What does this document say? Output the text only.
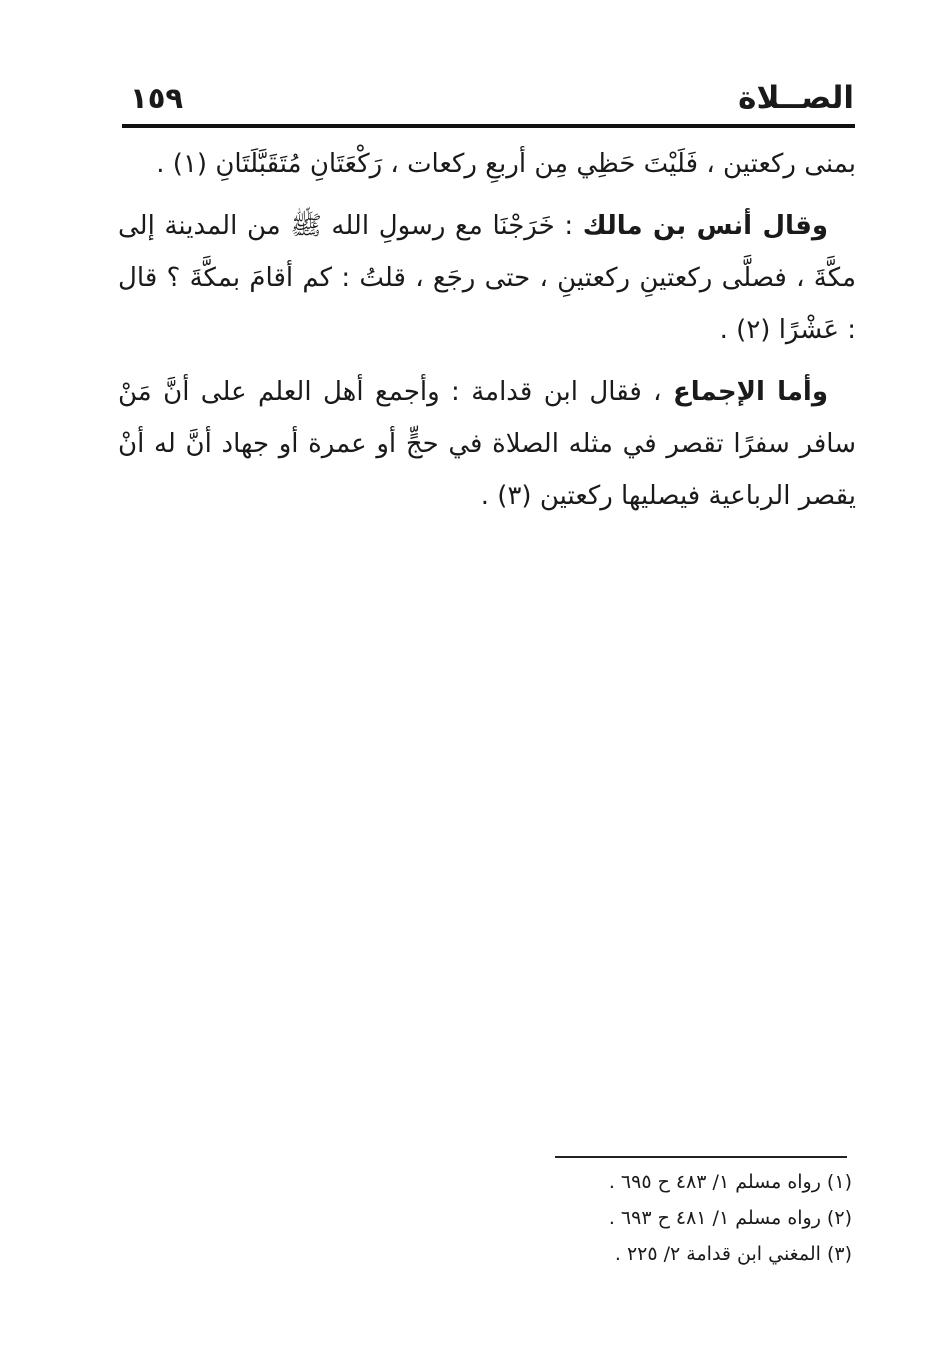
الصــلاة
١٥٩

بمنى ركعتين ، فَلَيْتَ حَظِي مِن أربعِ ركعات ، رَكْعَتَانِ مُتَقَبَّلَتَانِ (١) .

وقال أنس بن مالك : خَرَجْنَا مع رسولِ الله ﷺ من المدينة إلى مكَّةَ ، فصلَّى ركعتينِ ركعتينِ ، حتى رجَع ، قلتُ : كم أقامَ بمكَّةَ ؟ قال : عَشْرًا (٢) .

وأما الإجماع ، فقال ابن قدامة : وأجمع أهل العلم على أنَّ مَنْ سافر سفرًا تقصر في مثله الصلاة في حجٍّ أو عمرة أو جهاد أنَّ له أنْ يقصر الرباعية فيصليها ركعتين (٣) .

(١) رواه مسلم ١/ ٤٨٣ ح ٦٩٥ .
(٢) رواه مسلم ١/ ٤٨١ ح ٦٩٣ .
(٣) المغني ابن قدامة ٢/ ٢٢٥ .
